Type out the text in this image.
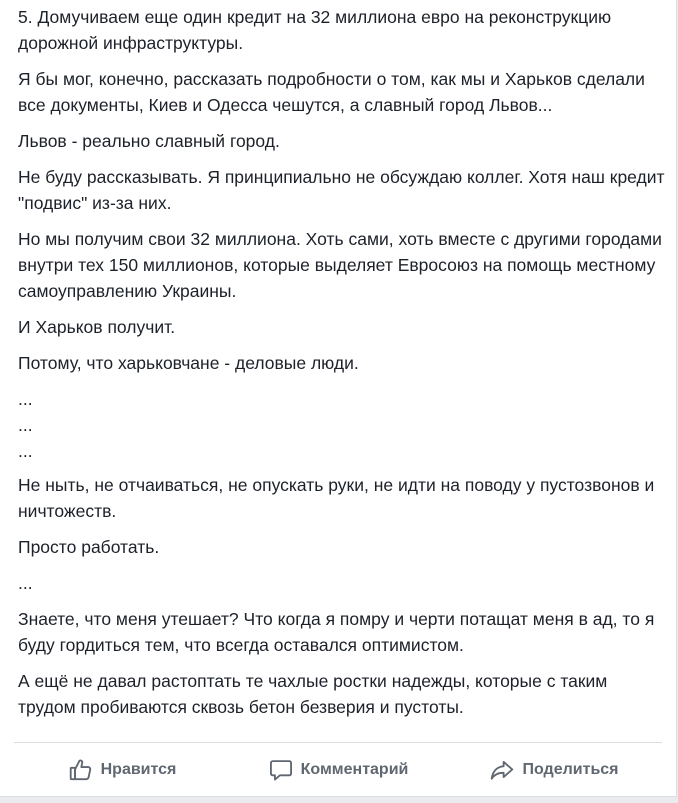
5. Домучиваем еще один кредит на 32 миллиона евро на реконструкцию дорожной инфраструктуры.

Я бы мог, конечно, рассказать подробности о том, как мы и Харьков сделали все документы, Киев и Одесса чешутся, а славный город Львов...

Львов - реально славный город.

Не буду рассказывать. Я принципиально не обсуждаю коллег. Хотя наш кредит "подвис" из-за них.

Но мы получим свои 32 миллиона. Хоть сами, хоть вместе с другими городами внутри тех 150 миллионов, которые выделяет Евросоюз на помощь местному самоуправлению Украины.

И Харьков получит.

Потому, что харьковчане - деловые люди.

...

...

...

Не ныть, не отчаиваться, не опускать руки, не идти на поводу у пустозвонов и ничтожеств.

Просто работать.

...

Знаете, что меня утешает? Что когда я помру и черти потащат меня в ад, то я буду гордиться тем, что всегда оставался оптимистом.

А ещё не давал растоптать те чахлые ростки надежды, которые с таким трудом пробиваются сквозь бетон безверия и пустоты.

Нравится	Комментарий	Поделиться
